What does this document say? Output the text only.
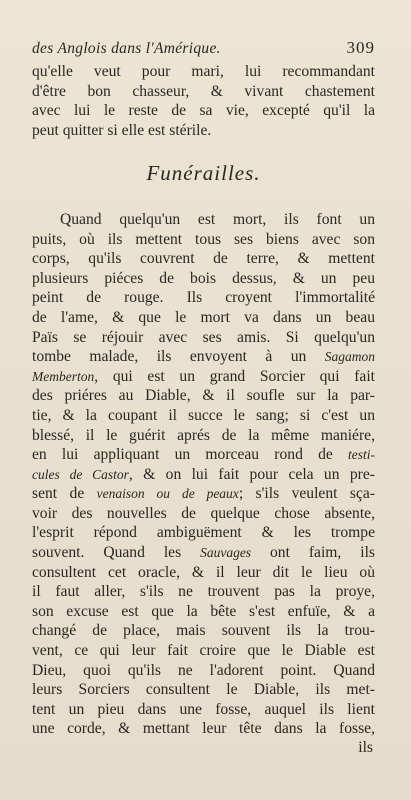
des Anglois dans l'Amérique.	309
qu'elle veut pour mari, lui recommandant
d'être bon chasseur, & vivant chastement
avec lui le reste de sa vie, excepté qu'il la
peut quitter si elle est stérile.
Funérailles.
Quand quelqu'un est mort, ils font un
puits, où ils mettent tous ses biens avec son
corps, qu'ils couvrent de terre, & mettent
plusieurs piéces de bois dessus, & un peu
peint de rouge. Ils croyent l'immortalité
de l'ame, & que le mort va dans un beau
Païs se réjouir avec ses amis. Si quelqu'un
tombe malade, ils envoyent à un Sagamon
Memberton, qui est un grand Sorcier qui fait
des priéres au Diable, & il soufle sur la par-
tie, & la coupant il succe le sang; si c'est un
blessé, il le guérit aprés de la même maniére,
en lui appliquant un morceau rond de testi-
cules de Castor, & on lui fait pour cela un pre-
sent de venaison ou de peaux; s'ils veulent sça-
voir des nouvelles de quelque chose absente,
l'esprit répond ambiguëment & les trompe
souvent. Quand les Sauvages ont faim, ils
consultent cet oracle, & il leur dit le lieu où
il faut aller, s'ils ne trouvent pas la proye,
son excuse est que la bête s'est enfuïe, & a
changé de place, mais souvent ils la trou-
vent, ce qui leur fait croire que le Diable est
Dieu, quoi qu'ils ne l'adorent point. Quand
leurs Sorciers consultent le Diable, ils met-
tent un pieu dans une fosse, auquel ils lient
une corde, & mettant leur tête dans la fosse,
ils
